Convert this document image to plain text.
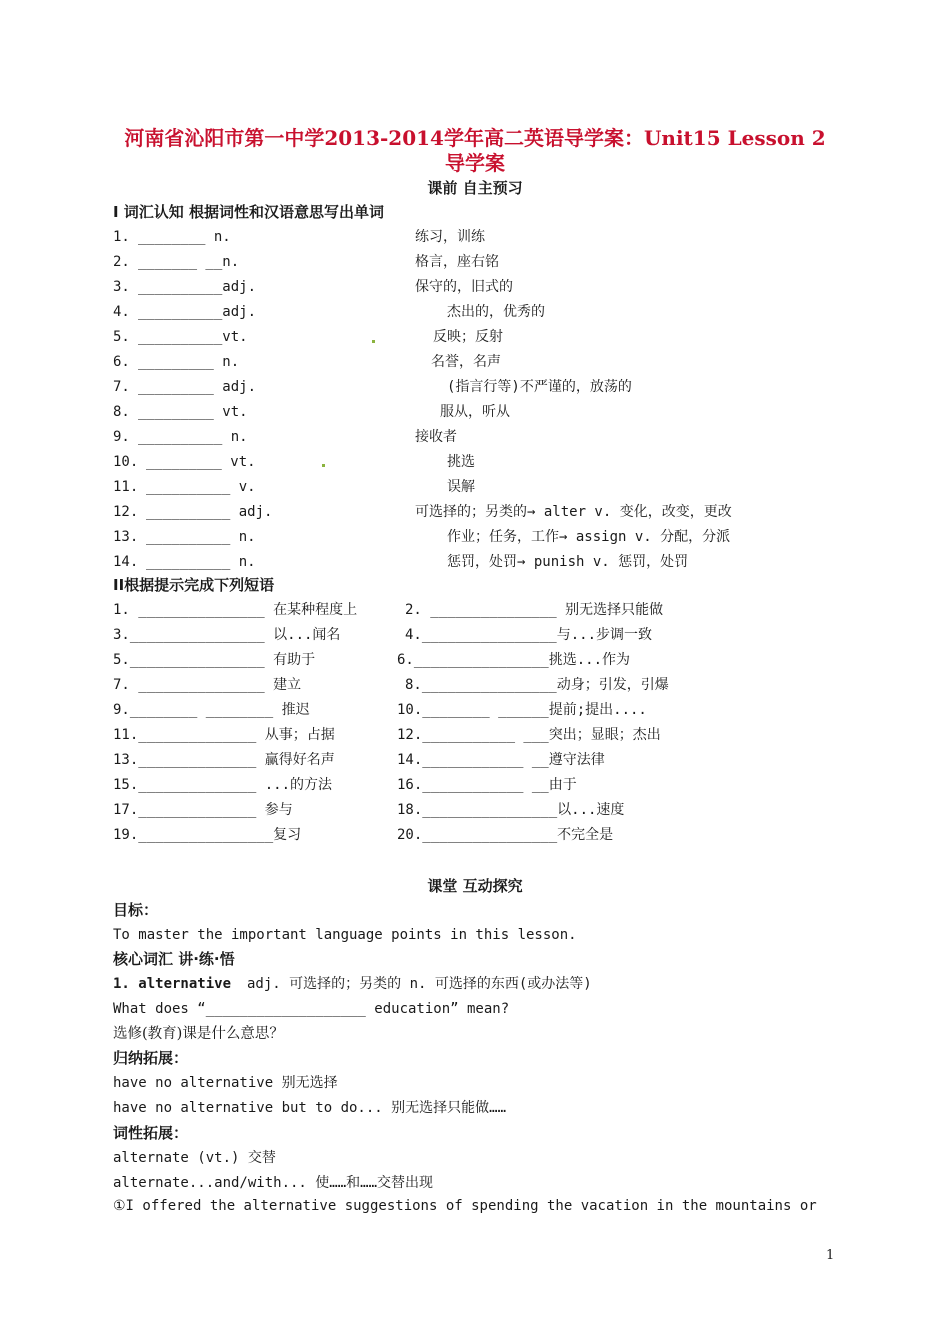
河南省沁阳市第一中学2013-2014学年高二英语导学案：Unit15 Lesson 2
导学案
课前 自主预习
I 词汇认知 根据词性和汉语意思写出单词
1. ________ n.	练习，训练
2. _______ __n.	格言，座右铭
3. __________adj.	保守的，旧式的
4. __________adj.	杰出的，优秀的
5. __________vt.	反映；反射
6. _________ n.	名誉，名声
7. _________ adj.	(指言行等)不严谨的，放荡的
8. _________ vt.	服从，听从
9. __________ n.	接收者
10. _________ vt.	挑选
11. __________ v.	误解
12. __________ adj.	可选择的；另类的→ alter v. 变化，改变，更改
13. __________ n.	作业；任务，工作→ assign v. 分配，分派
14. __________ n.	惩罚，处罚→ punish v. 惩罚，处罚
II根据提示完成下列短语
1. _______________ 在某种程度上	2. _______________ 别无选择只能做
3.________________ 以...闻名	4.________________与...步调一致
5.________________ 有助于	6.________________挑选...作为
7. _______________ 建立	8.________________动身；引发，引爆
9.________ ________ 推迟	10.________ ______提前;提出....
11.______________ 从事；占据	12.___________ ___突出；显眼；杰出
13.______________ 赢得好名声	14.____________ __遵守法律
15.______________ ...的方法	16.____________ __由于
17.______________ 参与	18.________________以...速度
19.________________复习	20.________________不完全是
课堂 互动探究
目标：
To master the important language points in this lesson.
核心词汇 讲·练·悟
1. alternative adj. 可选择的；另类的 n. 可选择的东西(或办法等)
What does “___________________ education” mean?
选修(教育)课是什么意思？
归纳拓展：
have no alternative 别无选择
have no alternative but to do... 别无选择只能做……
词性拓展：
alternate (vt.) 交替
alternate...and/with... 使……和……交替出现
①I offered the alternative suggestions of spending the vacation in the mountains or
1
